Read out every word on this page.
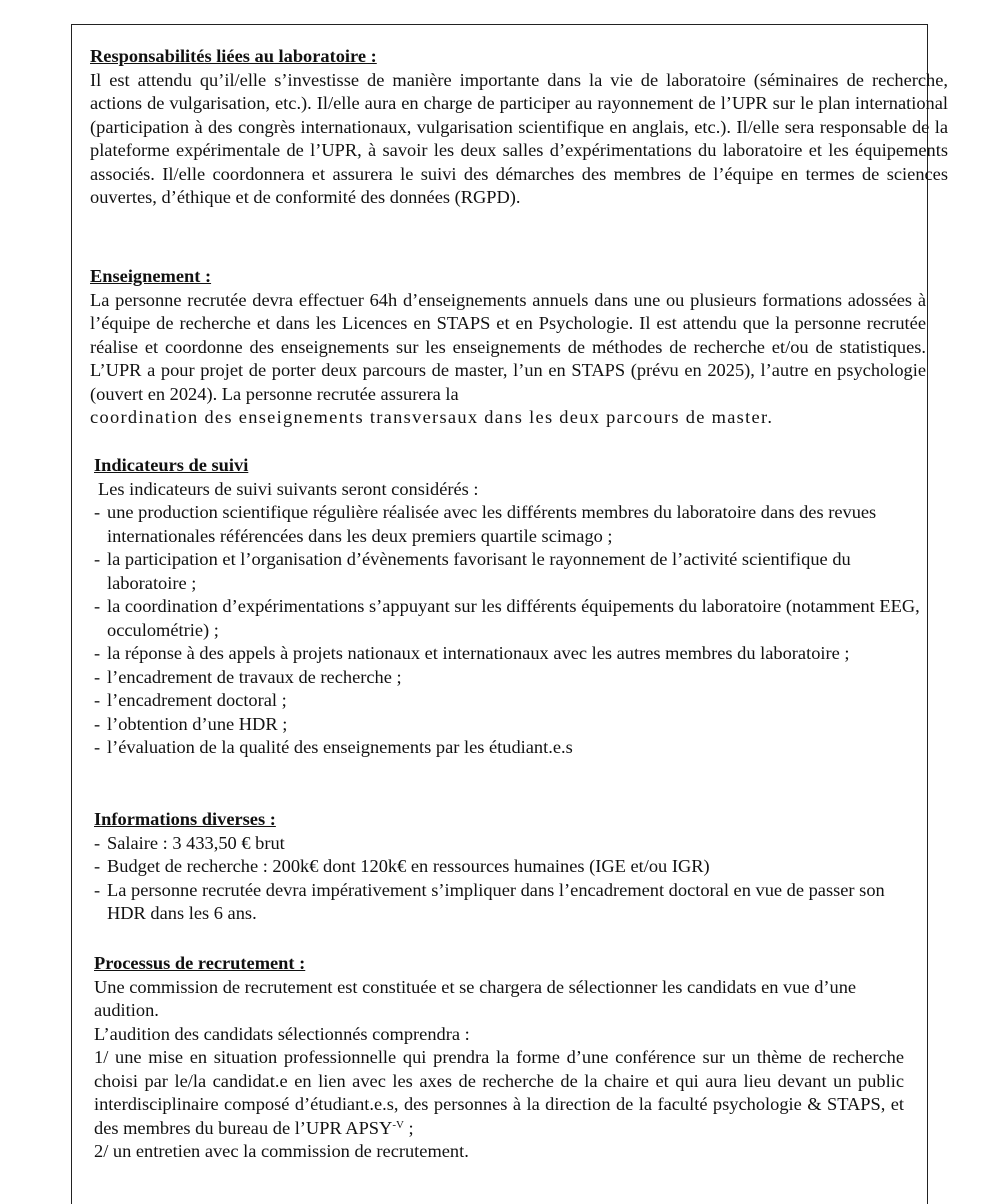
Responsabilités liées au laboratoire :

Il est attendu qu’il/elle s’investisse de manière importante dans la vie de laboratoire (séminaires de recherche, actions de vulgarisation, etc.). Il/elle aura en charge de participer au rayonnement de l’UPR sur le plan international (participation à des congrès internationaux, vulgarisation scientifique en anglais, etc.). Il/elle sera responsable de la plateforme expérimentale de l’UPR, à savoir les deux salles d’expérimentations du laboratoire et les équipements associés. Il/elle coordonnera et assurera le suivi des démarches des membres de l’équipe en termes de sciences ouvertes, d’éthique et de conformité des données (RGPD).

Enseignement :

La personne recrutée devra effectuer 64h d’enseignements annuels dans une ou plusieurs formations adossées à l’équipe de recherche et dans les Licences en STAPS et en Psychologie. Il est attendu que la personne recrutée réalise et coordonne des enseignements sur les enseignements de méthodes de recherche et/ou de statistiques. L’UPR a pour projet de porter deux parcours de master, l’un en STAPS (prévu en 2025), l’autre en psychologie (ouvert en 2024). La personne recrutée assurera la

coordination des enseignements transversaux dans les deux parcours de master.

Indicateurs de suivi

Les indicateurs de suivi suivants seront considérés :

- une production scientifique régulière réalisée avec les différents membres du laboratoire dans des revues internationales référencées dans les deux premiers quartile scimago ;
- la participation et l’organisation d’évènements favorisant le rayonnement de l’activité scientifique du laboratoire ;
- la coordination d’expérimentations s’appuyant sur les différents équipements du laboratoire (notamment EEG, occulométrie) ;
- la réponse à des appels à projets nationaux et internationaux avec les autres membres du laboratoire ;
- l’encadrement de travaux de recherche ;
- l’encadrement doctoral ;
- l’obtention d’une HDR ;
- l’évaluation de la qualité des enseignements par les étudiant.e.s
Informations diverses :
- Salaire : 3 433,50 € brut
- Budget de recherche : 200k€ dont 120k€ en ressources humaines (IGE et/ou IGR)
- La personne recrutée devra impérativement s’impliquer dans l’encadrement doctoral en vue de passer son HDR dans les 6 ans.
Processus de recrutement :

Une commission de recrutement est constituée et se chargera de sélectionner les candidats en vue d’une audition.

L’audition des candidats sélectionnés comprendra :

1/ une mise en situation professionnelle qui prendra la forme d’une conférence sur un thème de recherche choisi par le/la candidat.e en lien avec les axes de recherche de la chaire et qui aura lieu devant un public interdisciplinaire composé d’étudiant.e.s, des personnes à la direction de la faculté psychologie & STAPS, et des membres du bureau de l’UPR $APSY^{-V}$ ;

2/ un entretien avec la commission de recrutement.
